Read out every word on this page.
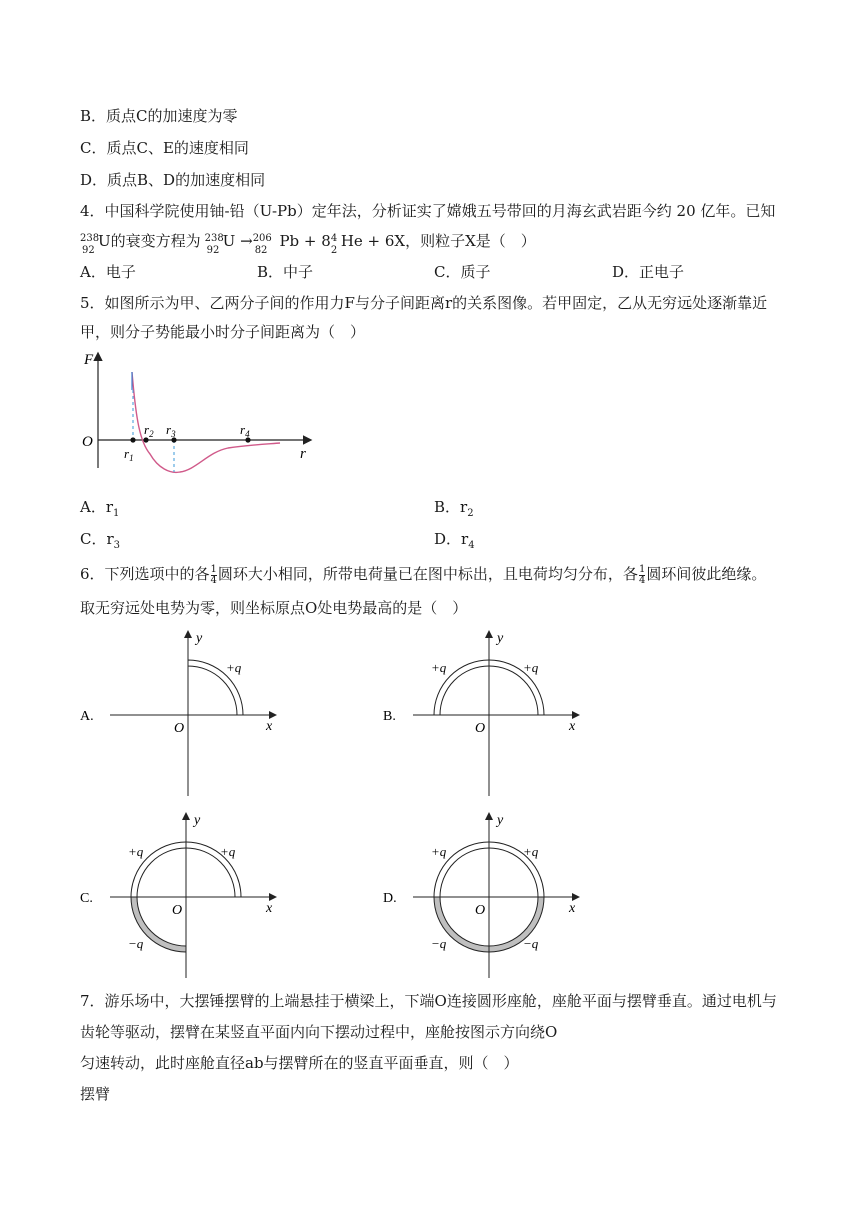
B．质点C的加速度为零
C．质点C、E的速度相同
D．质点B、D的加速度相同
4．中国科学院使用铀-铅（U-Pb）定年法，分析证实了嫦娥五号带回的月海玄武岩距今约 20 亿年。已知
238
92
U的衰变方程为 238
92
U → 206
82
Pb + 8 4
2
He + 6X，则粒子X是（　）
A．电子	B．中子	C．质子	D．正电子
5．如图所示为甲、乙两分子间的作用力F与分子间距离r的关系图像。若甲固定，乙从无穷远处逐渐靠近
甲，则分子势能最小时分子间距离为（　）
F
r
O
$r_1$
$r_2$ $r_3$	$r_4$
A．$r_1$	B．$r_2$
C．$r_3$	D．$r_4$
6．下列选项中的各 $\frac{1}{4}$ 圆环大小相同，所带电荷量已在图中标出，且电荷均匀分布，各 $\frac{1}{4}$ 圆环间彼此绝缘。
取无穷远处电势为零，则坐标原点O处电势最高的是（　）
A.
+q
x
y
O
B.
+q	+q
x
y
O
C.
+q	+q
−q
x
y
O
D.
+q	+q
−q	−q
x
y
O
7．游乐场中，大摆锤摆臂的上端悬挂于横梁上，下端O连接圆形座舱，座舱平面与摆臂垂直。通过电机与
齿轮等驱动，摆臂在某竖直平面内向下摆动过程中，座舱按图示方向绕O
匀速转动，此时座舱直径ab与摆臂所在的竖直平面垂直，则（　）
摆臂
